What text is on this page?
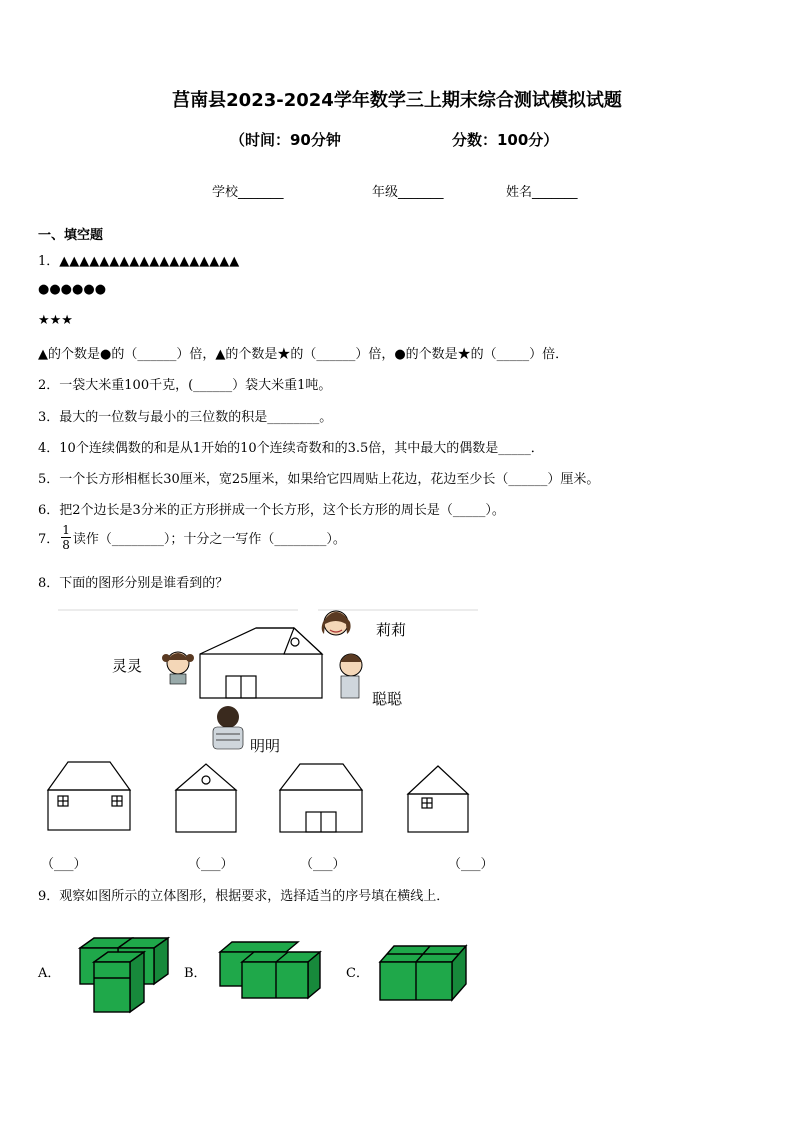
莒南县2023-2024学年数学三上期末综合测试模拟试题
（时间：90分钟	分数：100分）
学校_______	年级_______	姓名_______
一、填空题
1．▲▲▲▲▲▲▲▲▲▲▲▲▲▲▲▲▲▲
●●●●●●
★★★
▲的个数是●的（______）倍，▲的个数是★的（______）倍，●的个数是★的（_____）倍．
2．一袋大米重100千克，(______）袋大米重1吨。
3．最大的一位数与最小的三位数的积是________。
4．10个连续偶数的和是从1开始的10个连续奇数和的3.5倍，其中最大的偶数是_____．
5．一个长方形相框长30厘米，宽25厘米，如果给它四周贴上花边，花边至少长（______）厘米。
6．把2个边长是3分米的正方形拼成一个长方形，这个长方形的周长是（_____）。
7． $\frac{1}{8}$ 读作（________）；十分之一写作（________）。
8．下面的图形分别是谁看到的？
灵灵
莉莉
聪聪
明明
（___）	（___）	（___）	（___）
9．观察如图所示的立体图形，根据要求，选择适当的序号填在横线上．
A．	B．	C．
